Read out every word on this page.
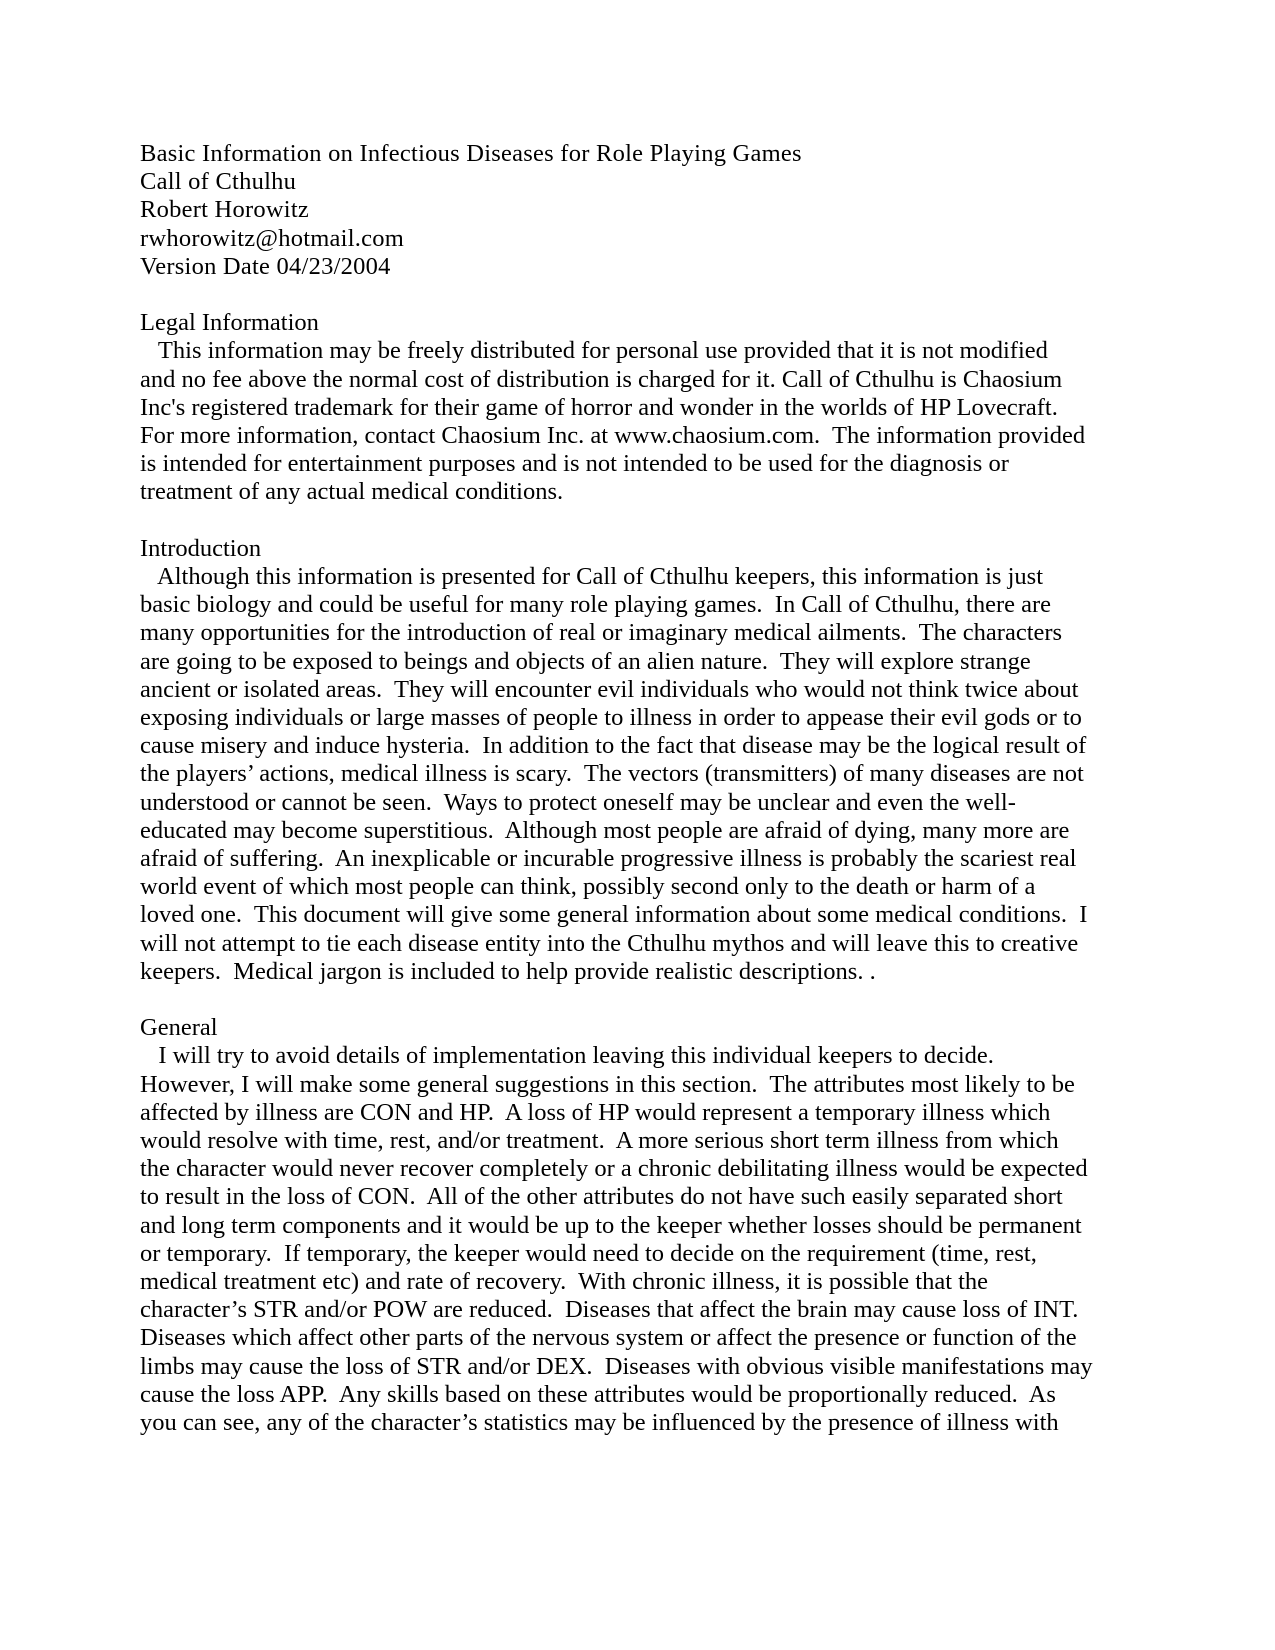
Basic Information on Infectious Diseases for Role Playing Games
Call of Cthulhu
Robert Horowitz
rwhorowitz@hotmail.com
Version Date 04/23/2004
Legal Information
This information may be freely distributed for personal use provided that it is not modified
and no fee above the normal cost of distribution is charged for it. Call of Cthulhu is Chaosium
Inc's registered trademark for their game of horror and wonder in the worlds of HP Lovecraft.
For more information, contact Chaosium Inc. at www.chaosium.com.  The information provided
is intended for entertainment purposes and is not intended to be used for the diagnosis or
treatment of any actual medical conditions.
Introduction
Although this information is presented for Call of Cthulhu keepers, this information is just
basic biology and could be useful for many role playing games.  In Call of Cthulhu, there are
many opportunities for the introduction of real or imaginary medical ailments.  The characters
are going to be exposed to beings and objects of an alien nature.  They will explore strange
ancient or isolated areas.  They will encounter evil individuals who would not think twice about
exposing individuals or large masses of people to illness in order to appease their evil gods or to
cause misery and induce hysteria.  In addition to the fact that disease may be the logical result of
the players’ actions, medical illness is scary.  The vectors (transmitters) of many diseases are not
understood or cannot be seen.  Ways to protect oneself may be unclear and even the well-
educated may become superstitious.  Although most people are afraid of dying, many more are
afraid of suffering.  An inexplicable or incurable progressive illness is probably the scariest real
world event of which most people can think, possibly second only to the death or harm of a
loved one.  This document will give some general information about some medical conditions.  I
will not attempt to tie each disease entity into the Cthulhu mythos and will leave this to creative
keepers.  Medical jargon is included to help provide realistic descriptions. .
General
I will try to avoid details of implementation leaving this individual keepers to decide.
However, I will make some general suggestions in this section.  The attributes most likely to be
affected by illness are CON and HP.  A loss of HP would represent a temporary illness which
would resolve with time, rest, and/or treatment.  A more serious short term illness from which
the character would never recover completely or a chronic debilitating illness would be expected
to result in the loss of CON.  All of the other attributes do not have such easily separated short
and long term components and it would be up to the keeper whether losses should be permanent
or temporary.  If temporary, the keeper would need to decide on the requirement (time, rest,
medical treatment etc) and rate of recovery.  With chronic illness, it is possible that the
character’s STR and/or POW are reduced.  Diseases that affect the brain may cause loss of INT.
Diseases which affect other parts of the nervous system or affect the presence or function of the
limbs may cause the loss of STR and/or DEX.  Diseases with obvious visible manifestations may
cause the loss APP.  Any skills based on these attributes would be proportionally reduced.  As
you can see, any of the character’s statistics may be influenced by the presence of illness with
